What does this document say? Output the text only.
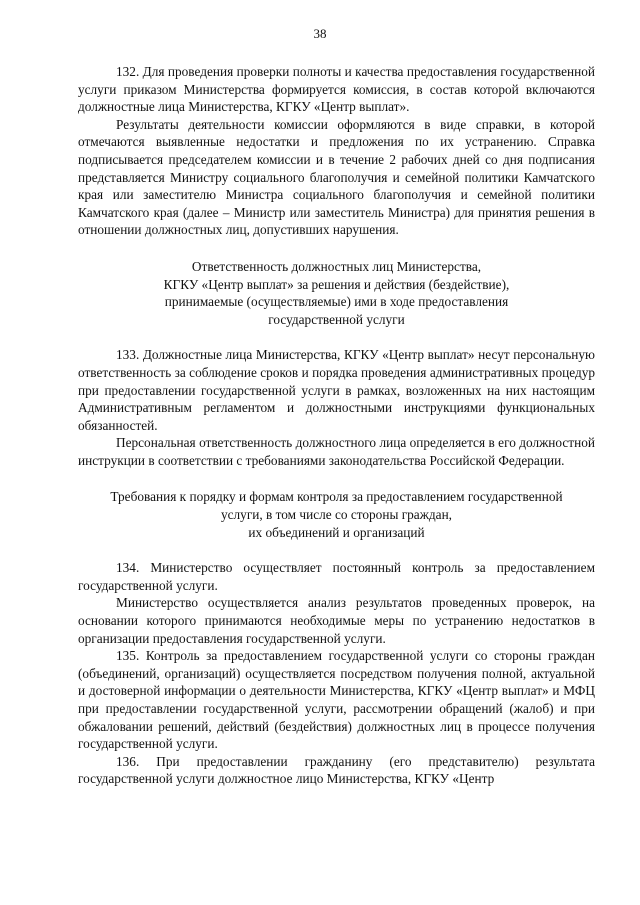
38

132. Для проведения проверки полноты и качества предоставления государственной услуги приказом Министерства формируется комиссия, в состав которой включаются должностные лица Министерства, КГКУ «Центр выплат».

Результаты деятельности комиссии оформляются в виде справки, в которой отмечаются выявленные недостатки и предложения по их устранению. Справка подписывается председателем комиссии и в течение 2 рабочих дней со дня подписания представляется Министру социального благополучия и семейной политики Камчатского края или заместителю Министра социального благополучия и семейной политики Камчатского края (далее – Министр или заместитель Министра) для принятия решения в отношении должностных лиц, допустивших нарушения.

Ответственность должностных лиц Министерства,
КГКУ «Центр выплат» за решения и действия (бездействие),
принимаемые (осуществляемые) ими в ходе предоставления
государственной услуги

133. Должностные лица Министерства, КГКУ «Центр выплат» несут персональную ответственность за соблюдение сроков и порядка проведения административных процедур при предоставлении государственной услуги в рамках, возложенных на них настоящим Административным регламентом и должностными инструкциями функциональных обязанностей.

Персональная ответственность должностного лица определяется в его должностной инструкции в соответствии с требованиями законодательства Российской Федерации.

Требования к порядку и формам контроля за предоставлением государственной
услуги, в том числе со стороны граждан,
их объединений и организаций

134. Министерство осуществляет постоянный контроль за предоставлением государственной услуги.

Министерство осуществляется анализ результатов проведенных проверок, на основании которого принимаются необходимые меры по устранению недостатков в организации предоставления государственной услуги.

135. Контроль за предоставлением государственной услуги со стороны граждан (объединений, организаций) осуществляется посредством получения полной, актуальной и достоверной информации о деятельности Министерства, КГКУ «Центр выплат» и МФЦ при предоставлении государственной услуги, рассмотрении обращений (жалоб) и при обжаловании решений, действий (бездействия) должностных лиц в процессе получения государственной услуги.

136. При предоставлении гражданину (его представителю) результата государственной услуги должностное лицо Министерства, КГКУ «Центр
